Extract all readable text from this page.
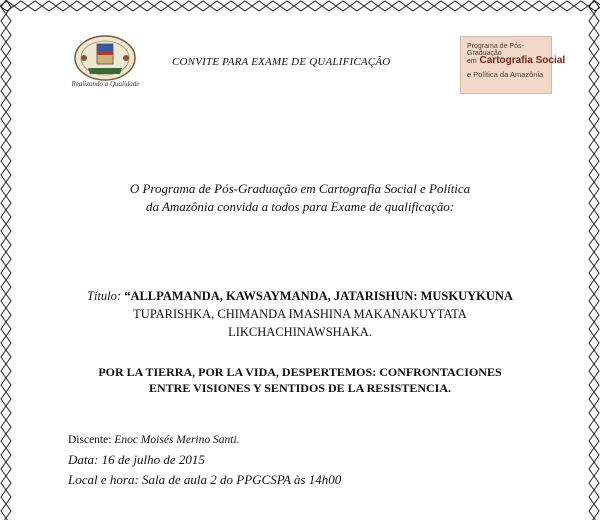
Realizando a Qualidade
CONVITE PARA EXAME DE QUALIFICAÇÃO
Programa de Pós-Graduação
em Cartografia Social
e Política da Amazônia
O Programa de Pós-Graduação em Cartografia Social e Política
da Amazônia convida a todos para Exame de qualificação:
Título: “ALLPAMANDA, KAWSAYMANDA, JATARISHUN: MUSKUYKUNA
TUPARISHKA, CHIMANDA IMASHINA MAKANAKUYTATA
LIKCHACHINAWSHAKA.
POR LA TIERRA, POR LA VIDA, DESPERTEMOS: CONFRONTACIONES
ENTRE VISIONES Y SENTIDOS DE LA RESISTENCIA.
Discente: Enoc Moisés Merino Santi.
Data: 16 de julho de 2015
Local e hora: Sala de aula 2 do PPGCSPA às 14h00
